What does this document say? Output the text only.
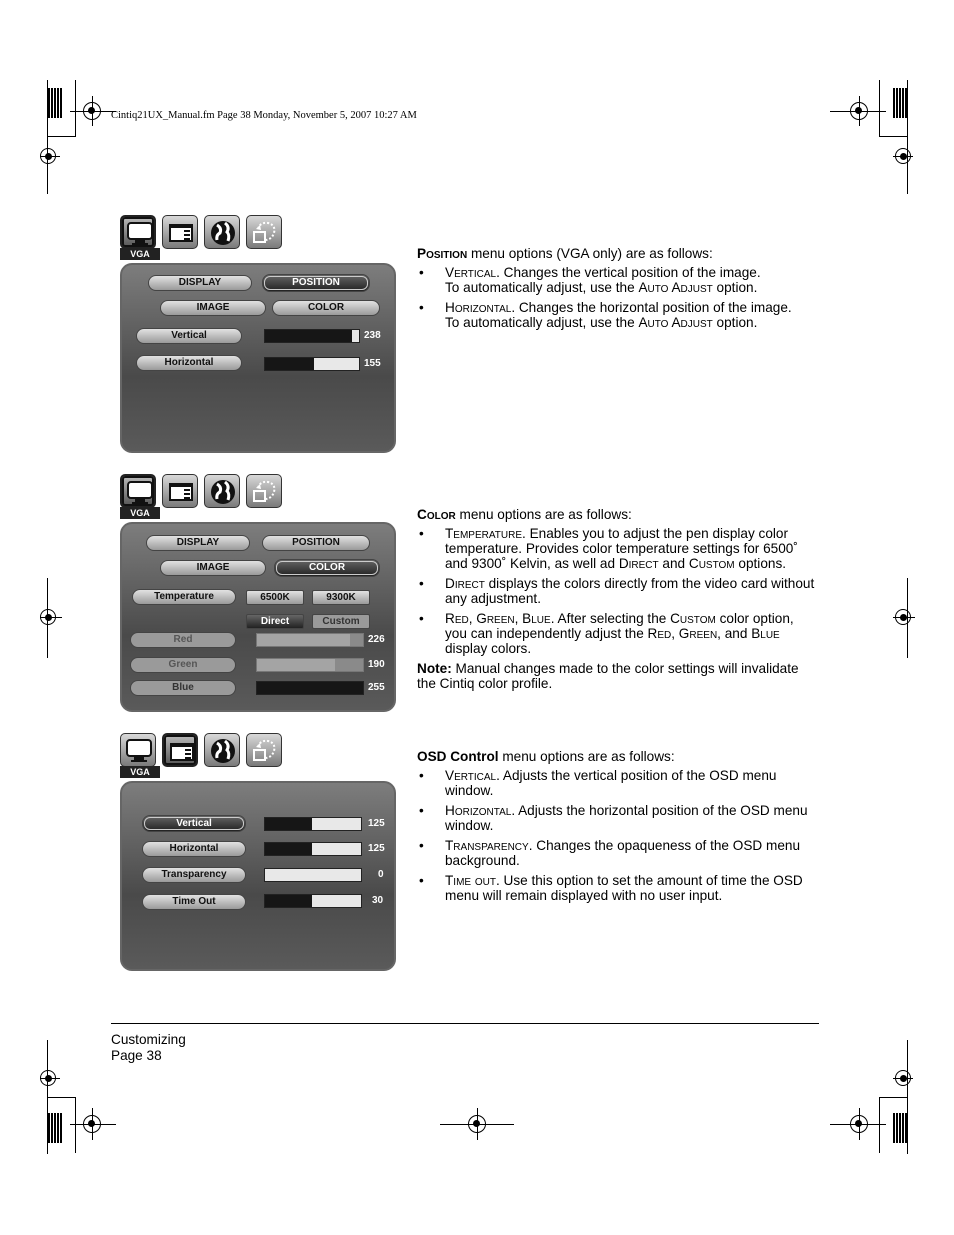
Cintiq21UX_Manual.fm Page 38 Monday, November 5, 2007 10:27 AM
VGA
DISPLAY	POSITION
IMAGE	COLOR
Vertical	238
Horizontal	155

Position menu options (VGA only) are as follows:

• Vertical. Changes the vertical position of the image.
To automatically adjust, use the Auto Adjust option.
• Horizontal. Changes the horizontal position of the image.
To automatically adjust, use the Auto Adjust option.
VGA
DISPLAY	POSITION
IMAGE	COLOR
Temperature	6500K	9300K
Direct	Custom
Red	226
Green	190
Blue	255

Color menu options are as follows:

• Temperature. Enables you to adjust the pen display color temperature. Provides color temperature settings for 6500˚ and 9300˚ Kelvin, as well ad Direct and Custom options.
• Direct displays the colors directly from the video card without any adjustment.
• Red, Green, Blue. After selecting the Custom color option, you can independently adjust the Red, Green, and Blue display colors.

Note: Manual changes made to the color settings will invalidate the Cintiq color profile.

VGA
Vertical	125
Horizontal	125
Transparency	0
Time Out	30

OSD Control menu options are as follows:

• Vertical. Adjusts the vertical position of the OSD menu window.
• Horizontal. Adjusts the horizontal position of the OSD menu window.
• Transparency. Changes the opaqueness of the OSD menu background.
• Time out. Use this option to set the amount of time the OSD menu will remain displayed with no user input.
Customizing
Page 38
